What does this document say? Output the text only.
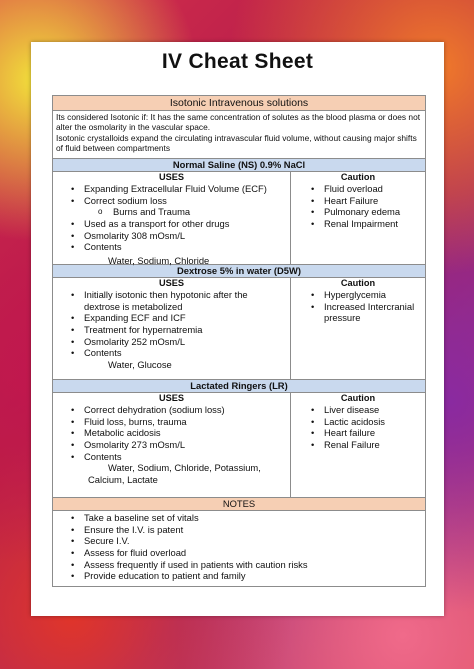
IV Cheat Sheet
Isotonic Intravenous solutions
Its considered Isotonic if: It has the same concentration of solutes as the blood plasma or does not alter the osmolarity in the vascular space.
Isotonic crystalloids expand the circulating intravascular fluid volume, without causing major shifts of fluid between compartments
Normal Saline (NS) 0.9% NaCl
USES
• Expanding Extracellular Fluid Volume (ECF)
• Correct sodium loss
o Burns and Trauma
• Used as a transport for other drugs
• Osmolarity 308 mOsm/L
• Contents
Water, Sodium, Chloride
Caution
• Fluid overload
• Heart Failure
• Pulmonary edema
• Renal Impairment
Dextrose 5% in water (D5W)
USES
• Initially isotonic then hypotonic after the dextrose is metabolized
• Expanding ECF and ICF
• Treatment for hypernatremia
• Osmolarity 252 mOsm/L
• Contents
Water, Glucose
Caution
• Hyperglycemia
• Increased Intercranial pressure
Lactated Ringers (LR)
USES
• Correct dehydration (sodium loss)
• Fluid loss, burns, trauma
• Metabolic acidosis
• Osmolarity 273 mOsm/L
• Contents
Water, Sodium, Chloride, Potassium, Calcium, Lactate
Caution
• Liver disease
• Lactic acidosis
• Heart failure
• Renal Failure
NOTES
• Take a baseline set of vitals
• Ensure the I.V. is patent
• Secure I.V.
• Assess for fluid overload
• Assess frequently if used in patients with caution risks
• Provide education to patient and family
